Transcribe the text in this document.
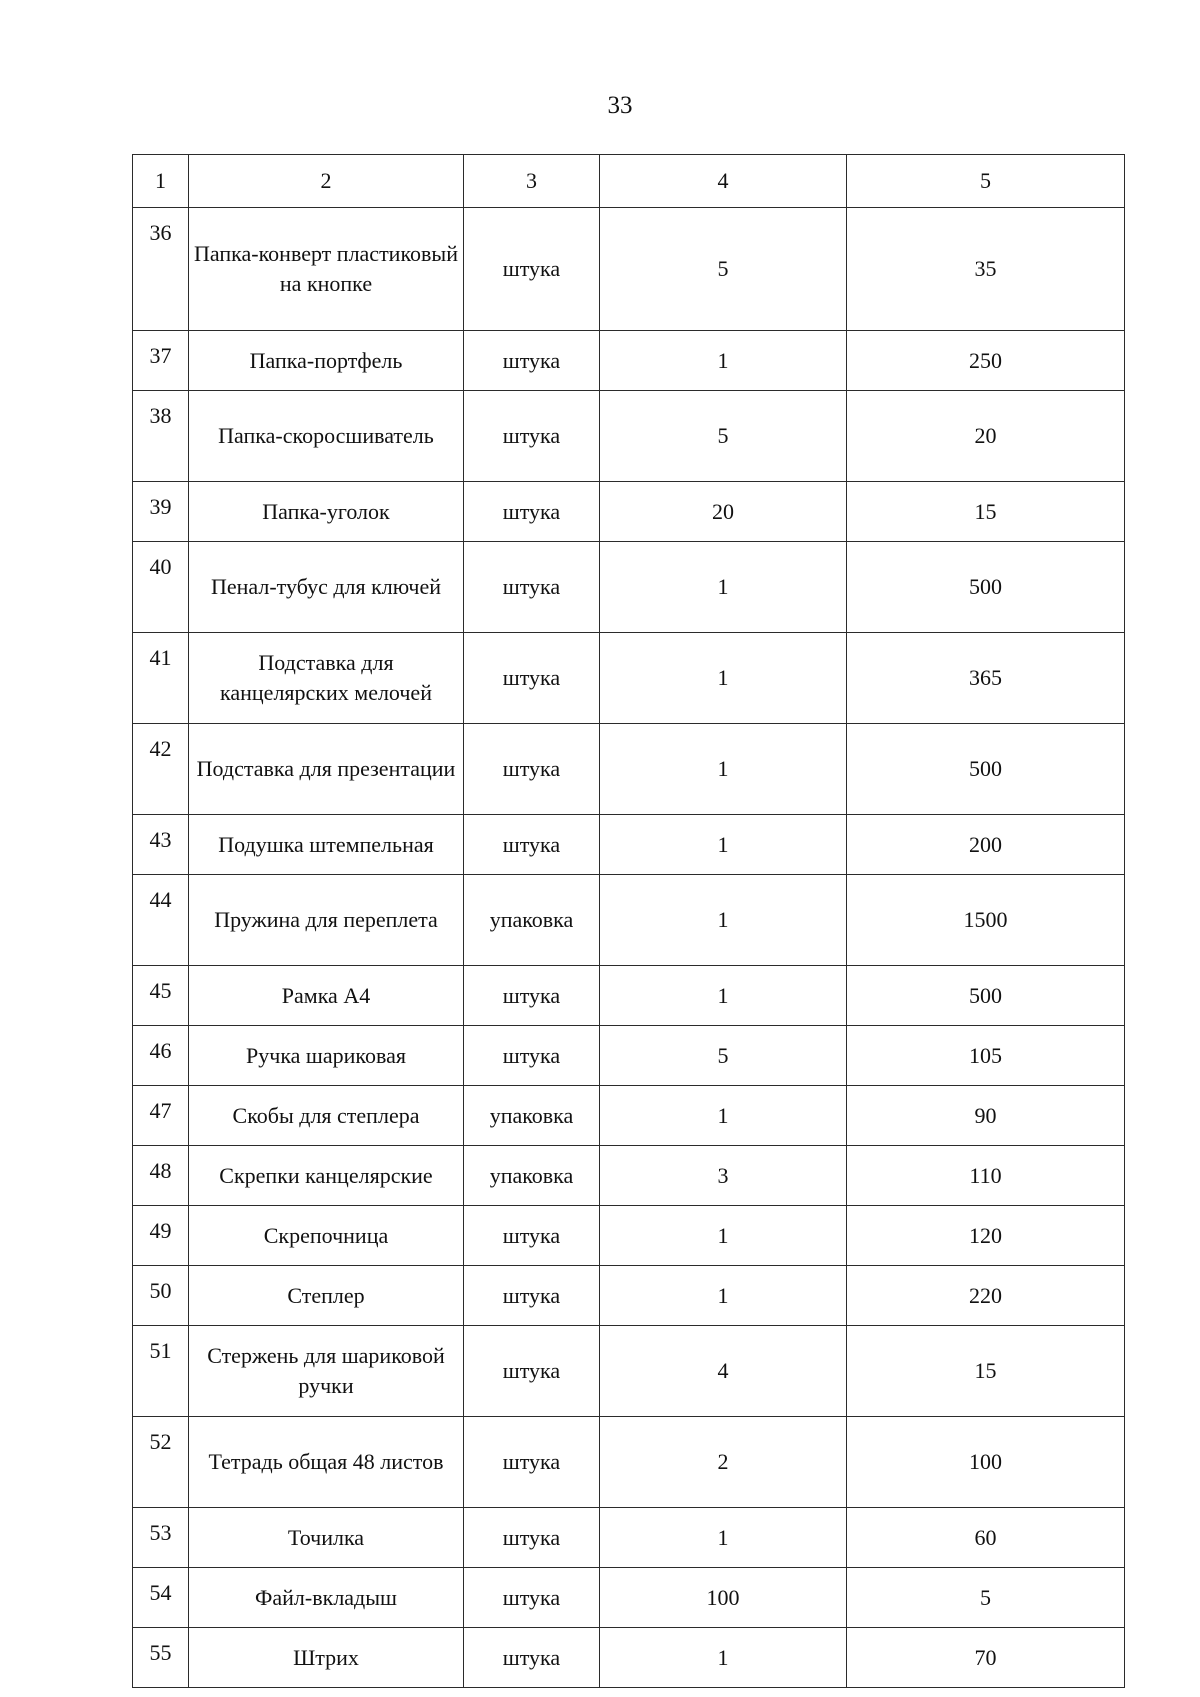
33
1	2	3	4	5
36	Папка-конверт пластиковый на кнопке	штука	5	35
37	Папка-портфель	штука	1	250
38	Папка-скоросшиватель	штука	5	20
39	Папка-уголок	штука	20	15
40	Пенал-тубус для ключей	штука	1	500
41	Подставка для канцелярских мелочей	штука	1	365
42	Подставка для презентации	штука	1	500
43	Подушка штемпельная	штука	1	200
44	Пружина для переплета	упаковка	1	1500
45	Рамка А4	штука	1	500
46	Ручка шариковая	штука	5	105
47	Скобы для степлера	упаковка	1	90
48	Скрепки канцелярские	упаковка	3	110
49	Скрепочница	штука	1	120
50	Степлер	штука	1	220
51	Стержень для шариковой ручки	штука	4	15
52	Тетрадь общая 48 листов	штука	2	100
53	Точилка	штука	1	60
54	Файл-вкладыш	штука	100	5
55	Штрих	штука	1	70
